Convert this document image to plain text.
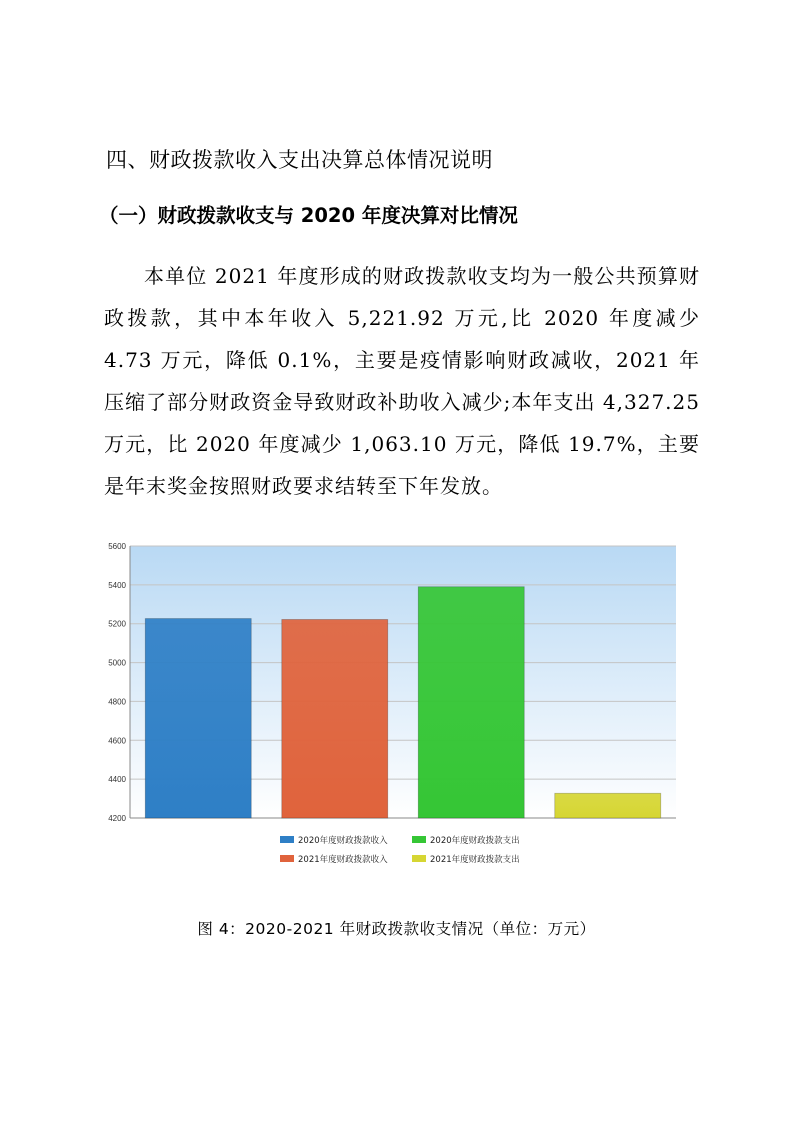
四、财政拨款收入支出决算总体情况说明
（一）财政拨款收支与 2020 年度决算对比情况
本单位 2021 年度形成的财政拨款收支均为一般公共预算财政拨款，其中本年收入 5,221.92 万元,比 2020 年度减少 4.73 万元，降低 0.1%，主要是疫情影响财政减收，2021 年压缩了部分财政资金导致财政补助收入减少;本年支出 4,327.25 万元，比 2020 年度减少 1,063.10 万元，降低 19.7%，主要是年末奖金按照财政要求结转至下年发放。
4200
4400
4600
4800
5000
5200
5400
5600
2020年度财政拨款收入
2021年度财政拨款收入
2020年度财政拨款支出
2021年度财政拨款支出
图 4：2020-2021 年财政拨款收支情况（单位：万元）
